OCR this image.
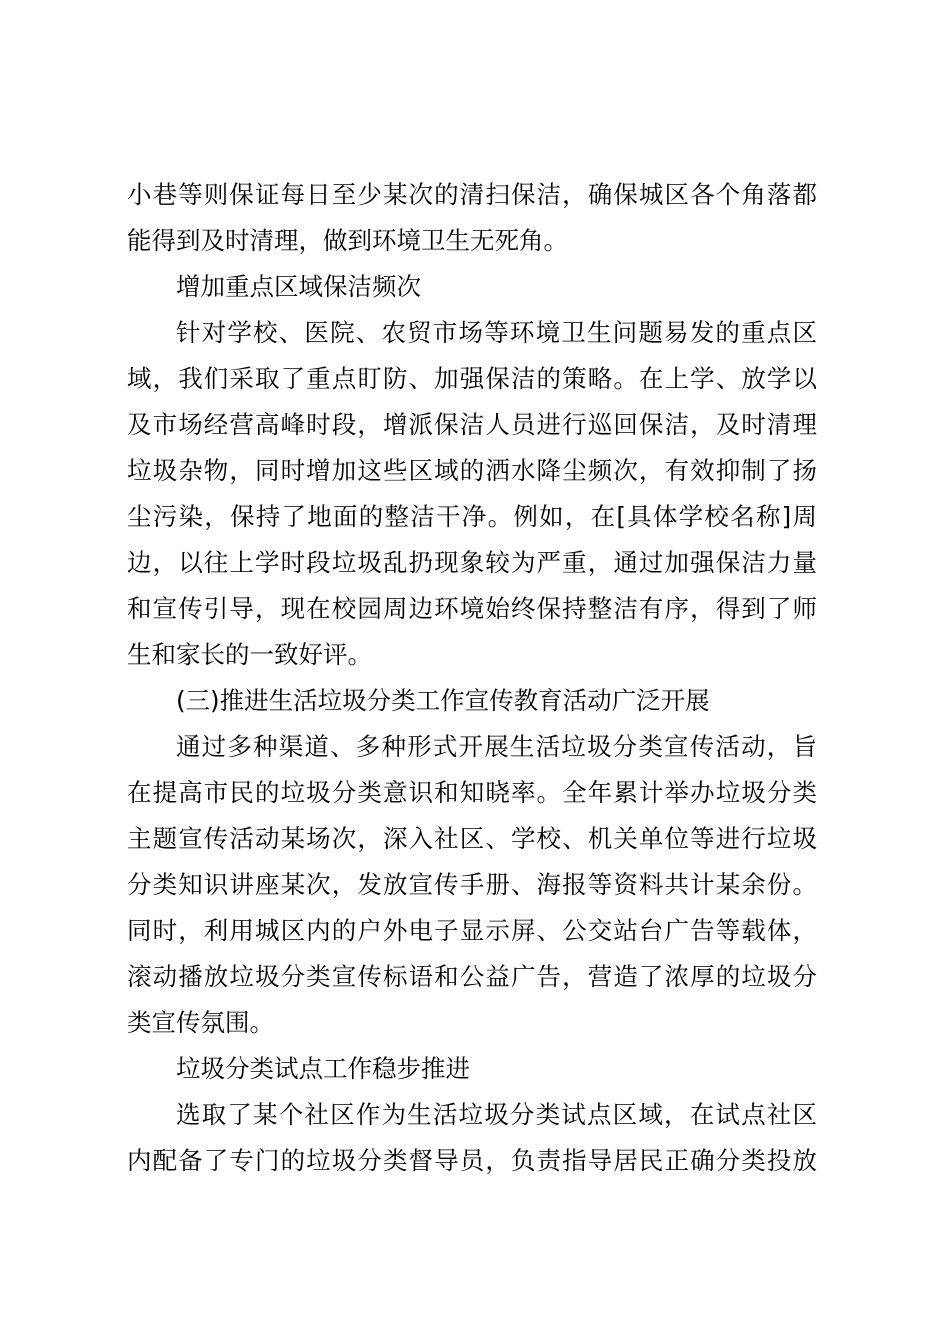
小巷等则保证每日至少某次的清扫保洁，确保城区各个角落都
能得到及时清理，做到环境卫生无死角。
增加重点区域保洁频次
针对学校、医院、农贸市场等环境卫生问题易发的重点区
域，我们采取了重点盯防、加强保洁的策略。在上学、放学以
及市场经营高峰时段，增派保洁人员进行巡回保洁，及时清理
垃圾杂物，同时增加这些区域的洒水降尘频次，有效抑制了扬
尘污染，保持了地面的整洁干净。例如，在[具体学校名称]周
边，以往上学时段垃圾乱扔现象较为严重，通过加强保洁力量
和宣传引导，现在校园周边环境始终保持整洁有序，得到了师
生和家长的一致好评。
(三)推进生活垃圾分类工作宣传教育活动广泛开展
通过多种渠道、多种形式开展生活垃圾分类宣传活动，旨
在提高市民的垃圾分类意识和知晓率。全年累计举办垃圾分类
主题宣传活动某场次，深入社区、学校、机关单位等进行垃圾
分类知识讲座某次，发放宣传手册、海报等资料共计某余份。
同时，利用城区内的户外电子显示屏、公交站台广告等载体，
滚动播放垃圾分类宣传标语和公益广告，营造了浓厚的垃圾分
类宣传氛围。
垃圾分类试点工作稳步推进
选取了某个社区作为生活垃圾分类试点区域，在试点社区
内配备了专门的垃圾分类督导员，负责指导居民正确分类投放
